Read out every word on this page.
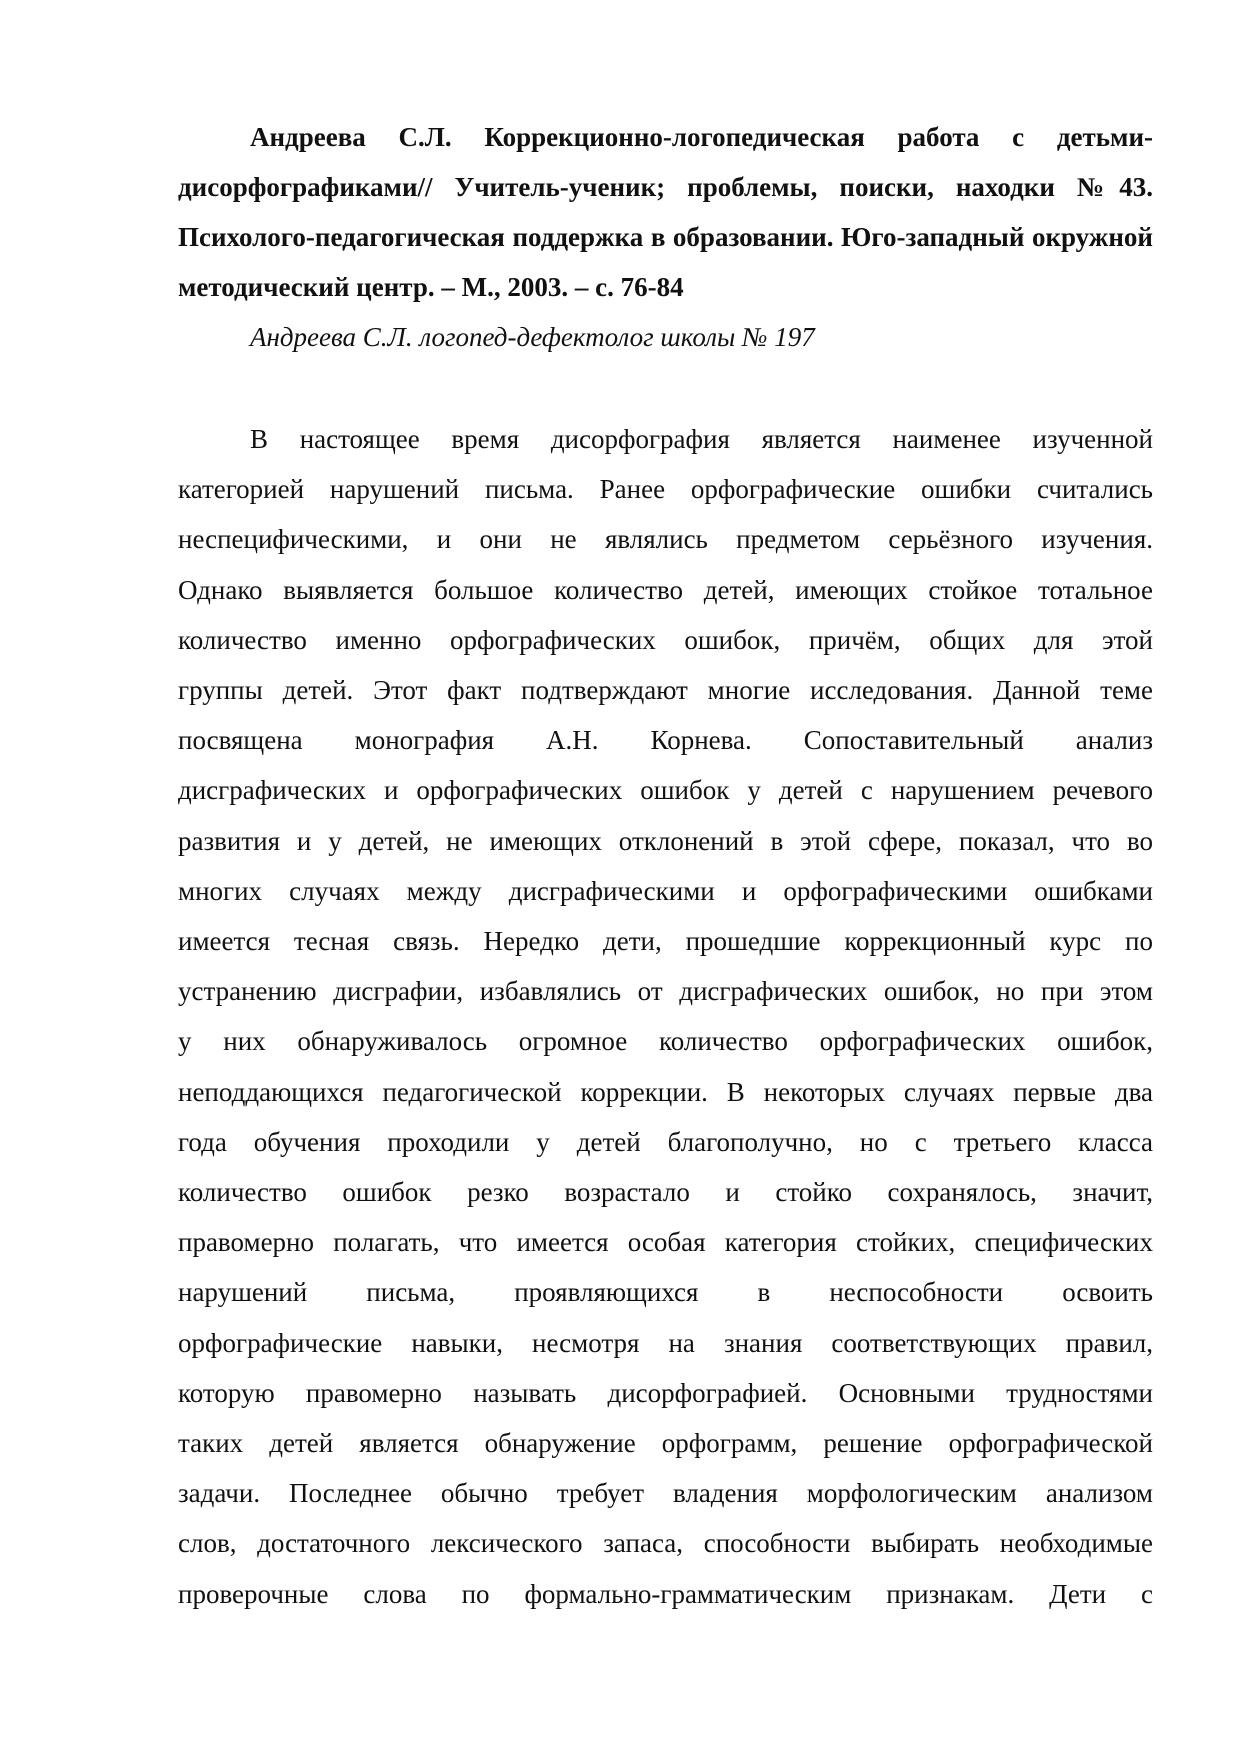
Андреева С.Л. Коррекционно-логопедическая работа с детьми-дисорфографиками// Учитель-ученик; проблемы, поиски, находки №43. Психолого-педагогическая поддержка в образовании. Юго-западный окружной методический центр. – М., 2003. – с. 76-84

Андреева С.Л. логопед-дефектолог школы № 197

В настоящее время дисорфография является наименее изученной
категорией нарушений письма. Ранее орфографические ошибки считались
неспецифическими, и они не являлись предметом серьёзного изучения.
Однако выявляется большое количество детей, имеющих стойкое тотальное
количество именно орфографических ошибок, причём, общих для этой
группы детей. Этот факт подтверждают многие исследования. Данной теме
посвящена монография А.Н. Корнева. Сопоставительный анализ
дисграфических и орфографических ошибок у детей с нарушением речевого
развития и у детей, не имеющих отклонений в этой сфере, показал, что во
многих случаях между дисграфическими и орфографическими ошибками
имеется тесная связь. Нередко дети, прошедшие коррекционный курс по
устранению дисграфии, избавлялись от дисграфических ошибок, но при этом
у них обнаруживалось огромное количество орфографических ошибок,
неподдающихся педагогической коррекции. В некоторых случаях первые два
года обучения проходили у детей благополучно, но с третьего класса
количество ошибок резко возрастало и стойко сохранялось, значит,
правомерно полагать, что имеется особая категория стойких, специфических
нарушений письма, проявляющихся в неспособности освоить
орфографические навыки, несмотря на знания соответствующих правил,
которую правомерно называть дисорфографией. Основными трудностями
таких детей является обнаружение орфограмм, решение орфографической
задачи. Последнее обычно требует владения морфологическим анализом
слов, достаточного лексического запаса, способности выбирать необходимые
проверочные слова по формально-грамматическим признакам. Дети с
